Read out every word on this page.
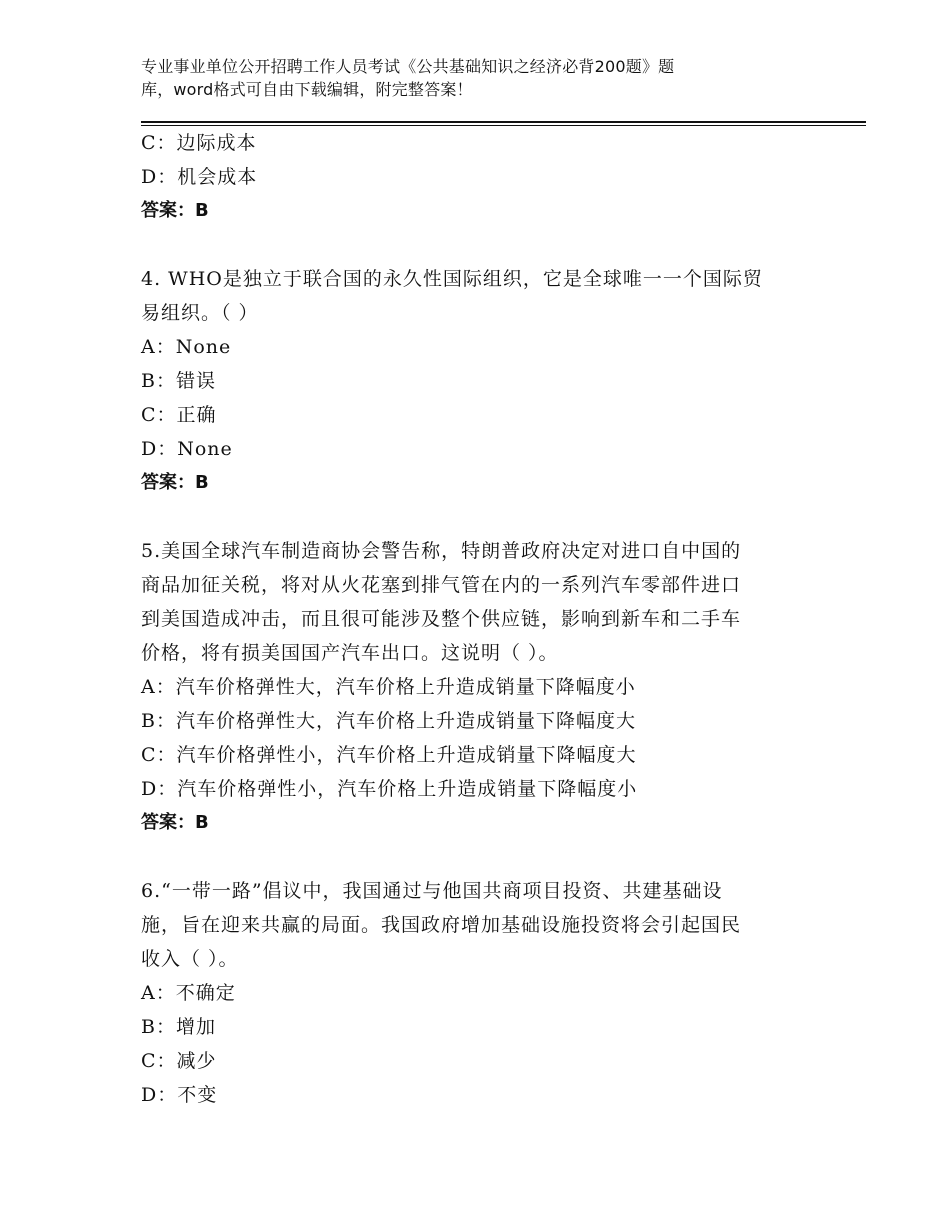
专业事业单位公开招聘工作人员考试《公共基础知识之经济必背200题》题
库，word格式可自由下载编辑，附完整答案！
C：边际成本
D：机会成本
答案：B
4. WHO是独立于联合国的永久性国际组织，它是全球唯一一个国际贸
易组织。（ ）
A：None
B：错误
C：正确
D：None
答案：B
5.美国全球汽车制造商协会警告称，特朗普政府决定对进口自中国的
商品加征关税，将对从火花塞到排气管在内的一系列汽车零部件进口
到美国造成冲击，而且很可能涉及整个供应链，影响到新车和二手车
价格，将有损美国国产汽车出口。这说明（ ）。
A：汽车价格弹性大，汽车价格上升造成销量下降幅度小
B：汽车价格弹性大，汽车价格上升造成销量下降幅度大
C：汽车价格弹性小，汽车价格上升造成销量下降幅度大
D：汽车价格弹性小，汽车价格上升造成销量下降幅度小
答案：B
6.“一带一路”倡议中，我国通过与他国共商项目投资、共建基础设
施，旨在迎来共赢的局面。我国政府增加基础设施投资将会引起国民
收入（ ）。
A：不确定
B：增加
C：减少
D：不变
